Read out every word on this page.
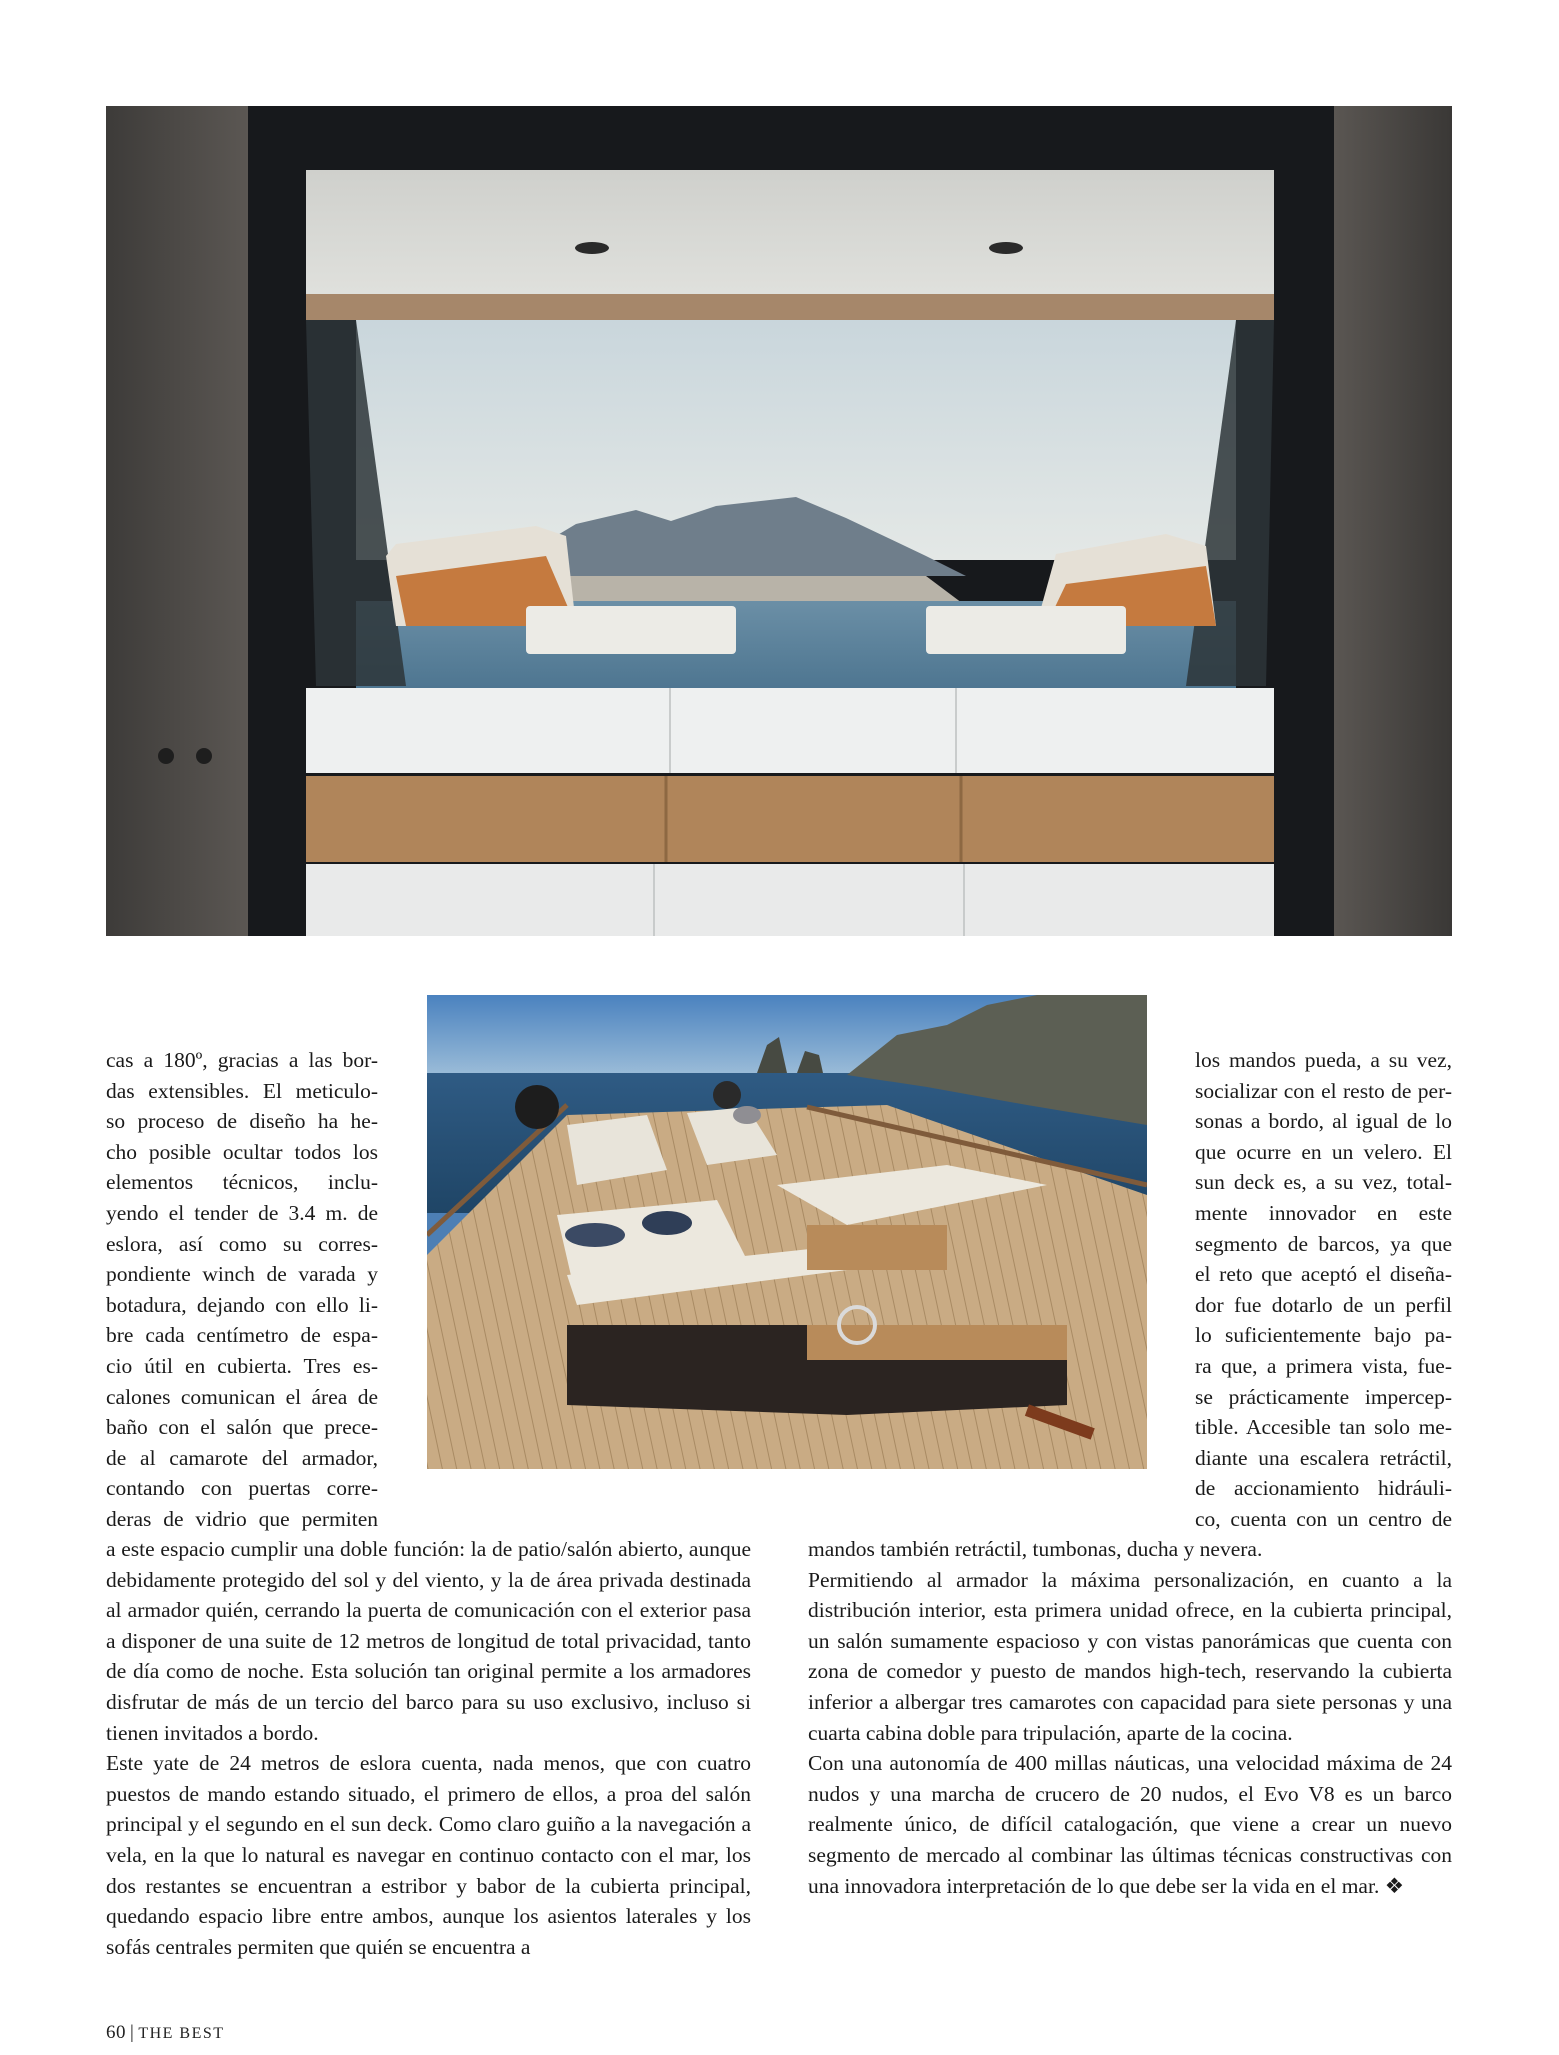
cas a 180º, gracias a las bor-

das extensibles. El meticulo-

so proceso de diseño ha he-

cho posible ocultar todos los

elementos técnicos, inclu-

yendo el tender de 3.4 m. de

eslora, así como su corres-

pondiente winch de varada y

botadura, dejando con ello li-

bre cada centímetro de espa-

cio útil en cubierta. Tres es-

calones comunican el área de

baño con el salón que prece-

de al camarote del armador,

contando con puertas corre-

deras de vidrio que permiten

los mandos pueda, a su vez,

socializar con el resto de per-

sonas a bordo, al igual de lo

que ocurre en un velero. El

sun deck es, a su vez, total-

mente innovador en este

segmento de barcos, ya que

el reto que aceptó el diseña-

dor fue dotarlo de un perfil

lo suficientemente bajo pa-

ra que, a primera vista, fue-

se prácticamente impercep-

tible. Accesible tan solo me-

diante una escalera retráctil,

de accionamiento hidráuli-

co, cuenta con un centro de

a este espacio cumplir una doble función: la de patio/salón abierto, aunque debidamente protegido del sol y del viento, y la de área privada destinada al armador quién, cerrando la puerta de comunicación con el exterior pasa a disponer de una suite de 12 metros de longitud de total privacidad, tanto de día como de noche. Esta solución tan original permite a los armadores disfrutar de más de un tercio del barco para su uso exclusivo, incluso si tienen invitados a bordo.

Este yate de 24 metros de eslora cuenta, nada menos, que con cuatro puestos de mando estando situado, el primero de ellos, a proa del salón principal y el segundo en el sun deck. Como claro guiño a la navegación a vela, en la que lo natural es navegar en continuo contacto con el mar, los dos restantes se encuentran a estribor y babor de la cubierta principal, quedando espacio libre entre ambos, aunque los asientos laterales y los sofás centrales permiten que quién se encuentra a

mandos también retráctil, tumbonas, ducha y nevera.

Permitiendo al armador la máxima personalización, en cuanto a la distribución interior, esta primera unidad ofrece, en la cubierta principal, un salón sumamente espacioso y con vistas panorámicas que cuenta con zona de comedor y puesto de mandos high-tech, reservando la cubierta inferior a albergar tres camarotes con capacidad para siete personas y una cuarta cabina doble para tripulación, aparte de la cocina.

Con una autonomía de 400 millas náuticas, una velocidad máxima de 24 nudos y una marcha de crucero de 20 nudos, el Evo V8 es un barco realmente único, de difícil catalogación, que viene a crear un nuevo segmento de mercado al combinar las últimas técnicas constructivas con una innovadora interpretación de lo que debe ser la vida en el mar. ❖

60 | THE BEST
